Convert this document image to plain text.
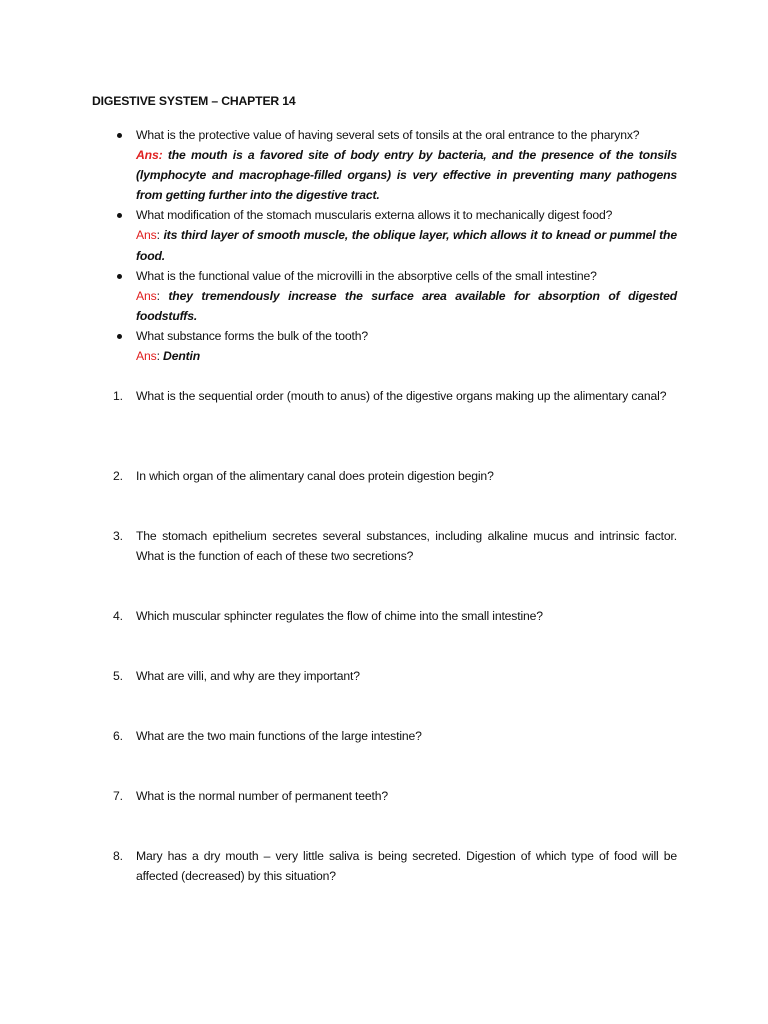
DIGESTIVE SYSTEM – CHAPTER 14
What is the protective value of having several sets of tonsils at the oral entrance to the pharynx?
Ans: the mouth is a favored site of body entry by bacteria, and the presence of the tonsils (lymphocyte and macrophage-filled organs) is very effective in preventing many pathogens from getting further into the digestive tract.
What modification of the stomach muscularis externa allows it to mechanically digest food?
Ans: its third layer of smooth muscle, the oblique layer, which allows it to knead or pummel the food.
What is the functional value of the microvilli in the absorptive cells of the small intestine?
Ans: they tremendously increase the surface area available for absorption of digested foodstuffs.
What substance forms the bulk of the tooth?
Ans: Dentin
1. What is the sequential order (mouth to anus) of the digestive organs making up the alimentary canal?
2. In which organ of the alimentary canal does protein digestion begin?
3. The stomach epithelium secretes several substances, including alkaline mucus and intrinsic factor. What is the function of each of these two secretions?
4. Which muscular sphincter regulates the flow of chime into the small intestine?
5. What are villi, and why are they important?
6. What are the two main functions of the large intestine?
7. What is the normal number of permanent teeth?
8. Mary has a dry mouth – very little saliva is being secreted. Digestion of which type of food will be affected (decreased) by this situation?
